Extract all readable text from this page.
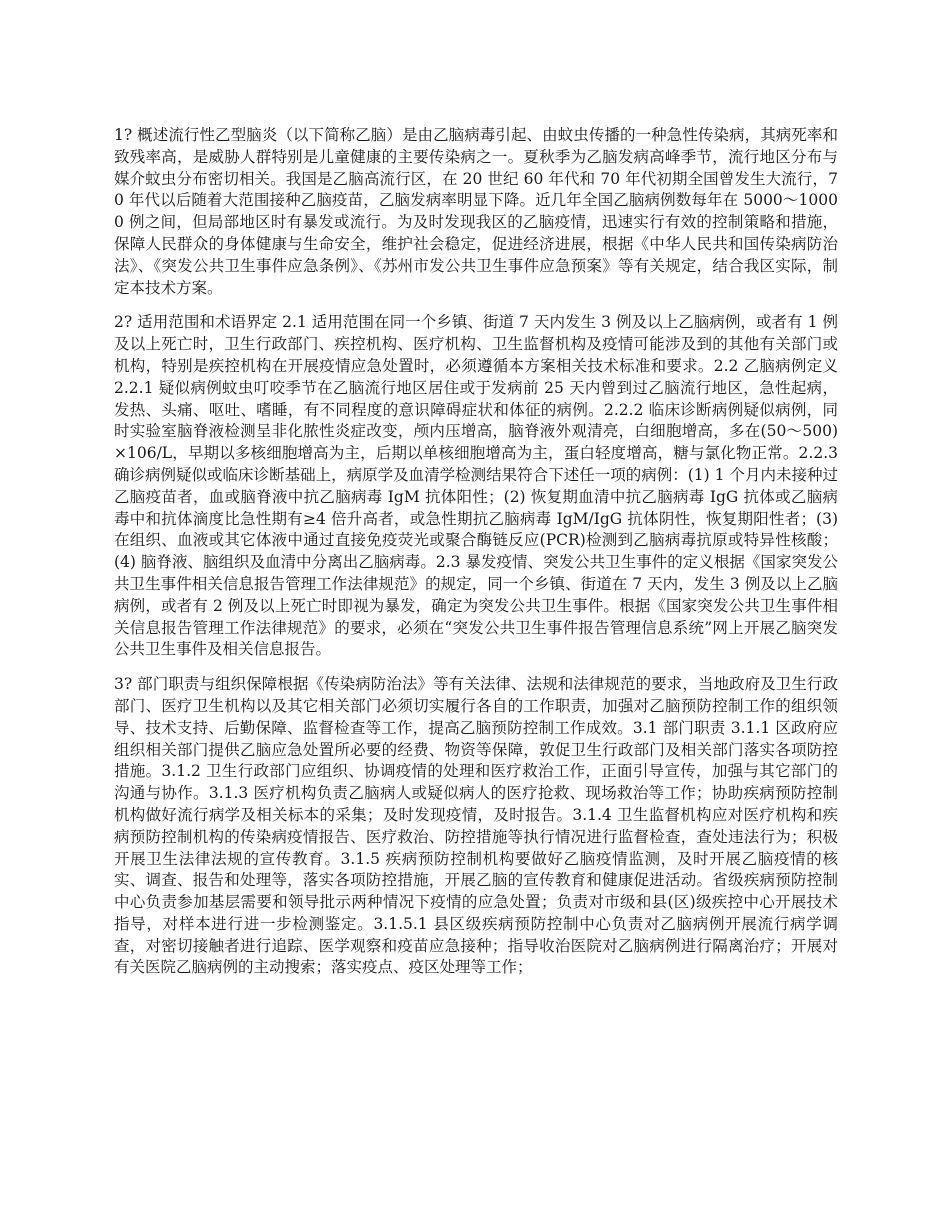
1? 概述流行性乙型脑炎（以下简称乙脑）是由乙脑病毒引起、由蚊虫传播的一种急性传染病，其病死率和致残率高，是威胁人群特别是儿童健康的主要传染病之一。夏秋季为乙脑发病高峰季节，流行地区分布与媒介蚊虫分布密切相关。我国是乙脑高流行区，在 20 世纪 60 年代和 70 年代初期全国曾发生大流行，70 年代以后随着大范围接种乙脑疫苗，乙脑发病率明显下降。近几年全国乙脑病例数每年在 5000～10000 例之间，但局部地区时有暴发或流行。为及时发现我区的乙脑疫情，迅速实行有效的控制策略和措施，保障人民群众的身体健康与生命安全，维护社会稳定，促进经济进展，根据《中华人民共和国传染病防治法》、《突发公共卫生事件应急条例》、《苏州市发公共卫生事件应急预案》等有关规定，结合我区实际，制定本技术方案。

2? 适用范围和术语界定 2.1 适用范围在同一个乡镇、街道 7 天内发生 3 例及以上乙脑病例，或者有 1 例及以上死亡时，卫生行政部门、疾控机构、医疗机构、卫生监督机构及疫情可能涉及到的其他有关部门或机构，特别是疾控机构在开展疫情应急处置时，必须遵循本方案相关技术标准和要求。2.2 乙脑病例定义 2.2.1 疑似病例蚊虫叮咬季节在乙脑流行地区居住或于发病前 25 天内曾到过乙脑流行地区，急性起病，发热、头痛、呕吐、嗜睡，有不同程度的意识障碍症状和体征的病例。2.2.2 临床诊断病例疑似病例，同时实验室脑脊液检测呈非化脓性炎症改变，颅内压增高，脑脊液外观清亮，白细胞增高，多在(50～500)×106/L，早期以多核细胞增高为主，后期以单核细胞增高为主，蛋白轻度增高，糖与氯化物正常。2.2.3 确诊病例疑似或临床诊断基础上，病原学及血清学检测结果符合下述任一项的病例：(1) 1 个月内未接种过乙脑疫苗者，血或脑脊液中抗乙脑病毒 IgM 抗体阳性；(2) 恢复期血清中抗乙脑病毒 IgG 抗体或乙脑病毒中和抗体滴度比急性期有≥4 倍升高者，或急性期抗乙脑病毒 IgM/IgG 抗体阴性，恢复期阳性者；(3) 在组织、血液或其它体液中通过直接免疫荧光或聚合酶链反应(PCR)检测到乙脑病毒抗原或特异性核酸；(4) 脑脊液、脑组织及血清中分离出乙脑病毒。2.3 暴发疫情、突发公共卫生事件的定义根据《国家突发公共卫生事件相关信息报告管理工作法律规范》的规定，同一个乡镇、街道在 7 天内，发生 3 例及以上乙脑病例，或者有 2 例及以上死亡时即视为暴发，确定为突发公共卫生事件。根据《国家突发公共卫生事件相关信息报告管理工作法律规范》的要求，必须在“突发公共卫生事件报告管理信息系统”网上开展乙脑突发公共卫生事件及相关信息报告。

3? 部门职责与组织保障根据《传染病防治法》等有关法律、法规和法律规范的要求，当地政府及卫生行政部门、医疗卫生机构以及其它相关部门必须切实履行各自的工作职责，加强对乙脑预防控制工作的组织领导、技术支持、后勤保障、监督检查等工作，提高乙脑预防控制工作成效。3.1 部门职责 3.1.1 区政府应组织相关部门提供乙脑应急处置所必要的经费、物资等保障，敦促卫生行政部门及相关部门落实各项防控措施。3.1.2 卫生行政部门应组织、协调疫情的处理和医疗救治工作，正面引导宣传，加强与其它部门的沟通与协作。3.1.3 医疗机构负责乙脑病人或疑似病人的医疗抢救、现场救治等工作；协助疾病预防控制机构做好流行病学及相关标本的采集；及时发现疫情，及时报告。3.1.4 卫生监督机构应对医疗机构和疾病预防控制机构的传染病疫情报告、医疗救治、防控措施等执行情况进行监督检查，查处违法行为；积极开展卫生法律法规的宣传教育。3.1.5 疾病预防控制机构要做好乙脑疫情监测，及时开展乙脑疫情的核实、调查、报告和处理等，落实各项防控措施，开展乙脑的宣传教育和健康促进活动。省级疾病预防控制中心负责参加基层需要和领导批示两种情况下疫情的应急处置；负责对市级和县(区)级疾控中心开展技术指导，对样本进行进一步检测鉴定。3.1.5.1 县区级疾病预防控制中心负责对乙脑病例开展流行病学调查，对密切接触者进行追踪、医学观察和疫苗应急接种；指导收治医院对乙脑病例进行隔离治疗；开展对有关医院乙脑病例的主动搜索；落实疫点、疫区处理等工作；
